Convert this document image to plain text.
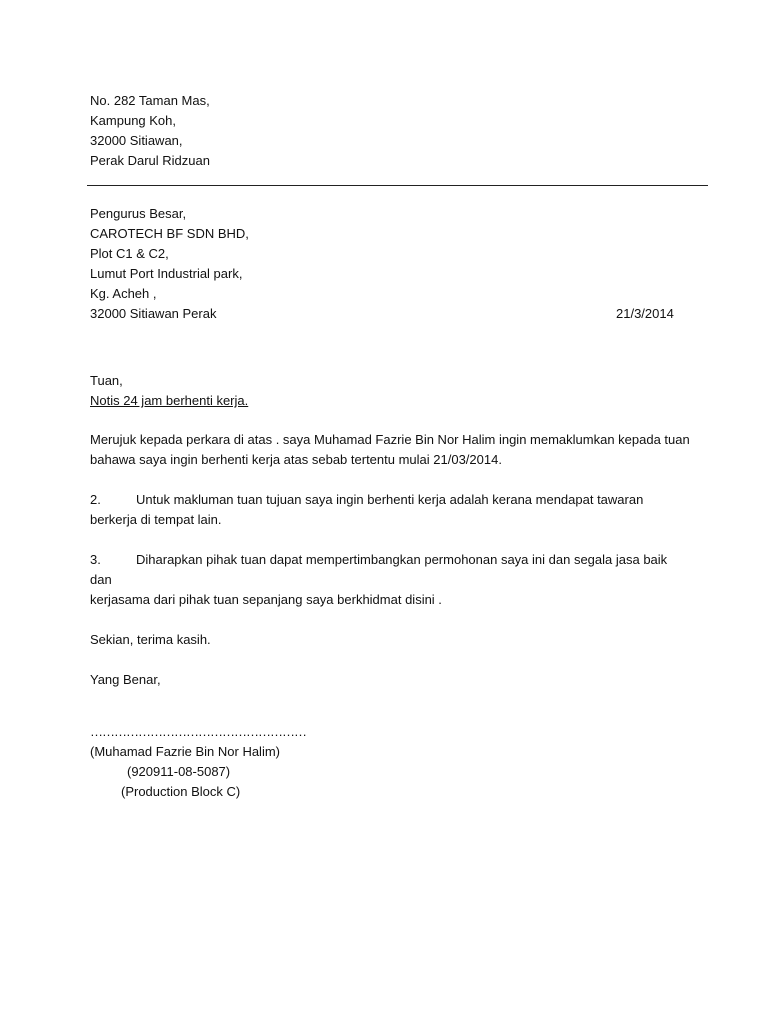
No. 282 Taman Mas,
Kampung Koh,
32000 Sitiawan,
Perak Darul Ridzuan
Pengurus Besar,
CAROTECH BF SDN BHD,
Plot C1 & C2,
Lumut Port Industrial park,
Kg. Acheh ,
32000 Sitiawan Perak	21/3/2014
Tuan,
Notis 24 jam berhenti kerja.
Merujuk kepada perkara di atas . saya Muhamad Fazrie Bin Nor Halim ingin memaklumkan kepada tuan
bahawa saya ingin berhenti kerja atas sebab tertentu mulai 21/03/2014.
2.	Untuk makluman tuan tujuan saya ingin berhenti kerja adalah kerana mendapat tawaran
berkerja di tempat lain.
3.	Diharapkan pihak tuan dapat mempertimbangkan permohonan saya ini dan segala jasa baik dan
kerjasama dari pihak tuan sepanjang saya berkhidmat disini .
Sekian, terima kasih.
Yang Benar,
………………………………………………
(Muhamad Fazrie Bin Nor Halim)
(920911-08-5087)
(Production Block C)
